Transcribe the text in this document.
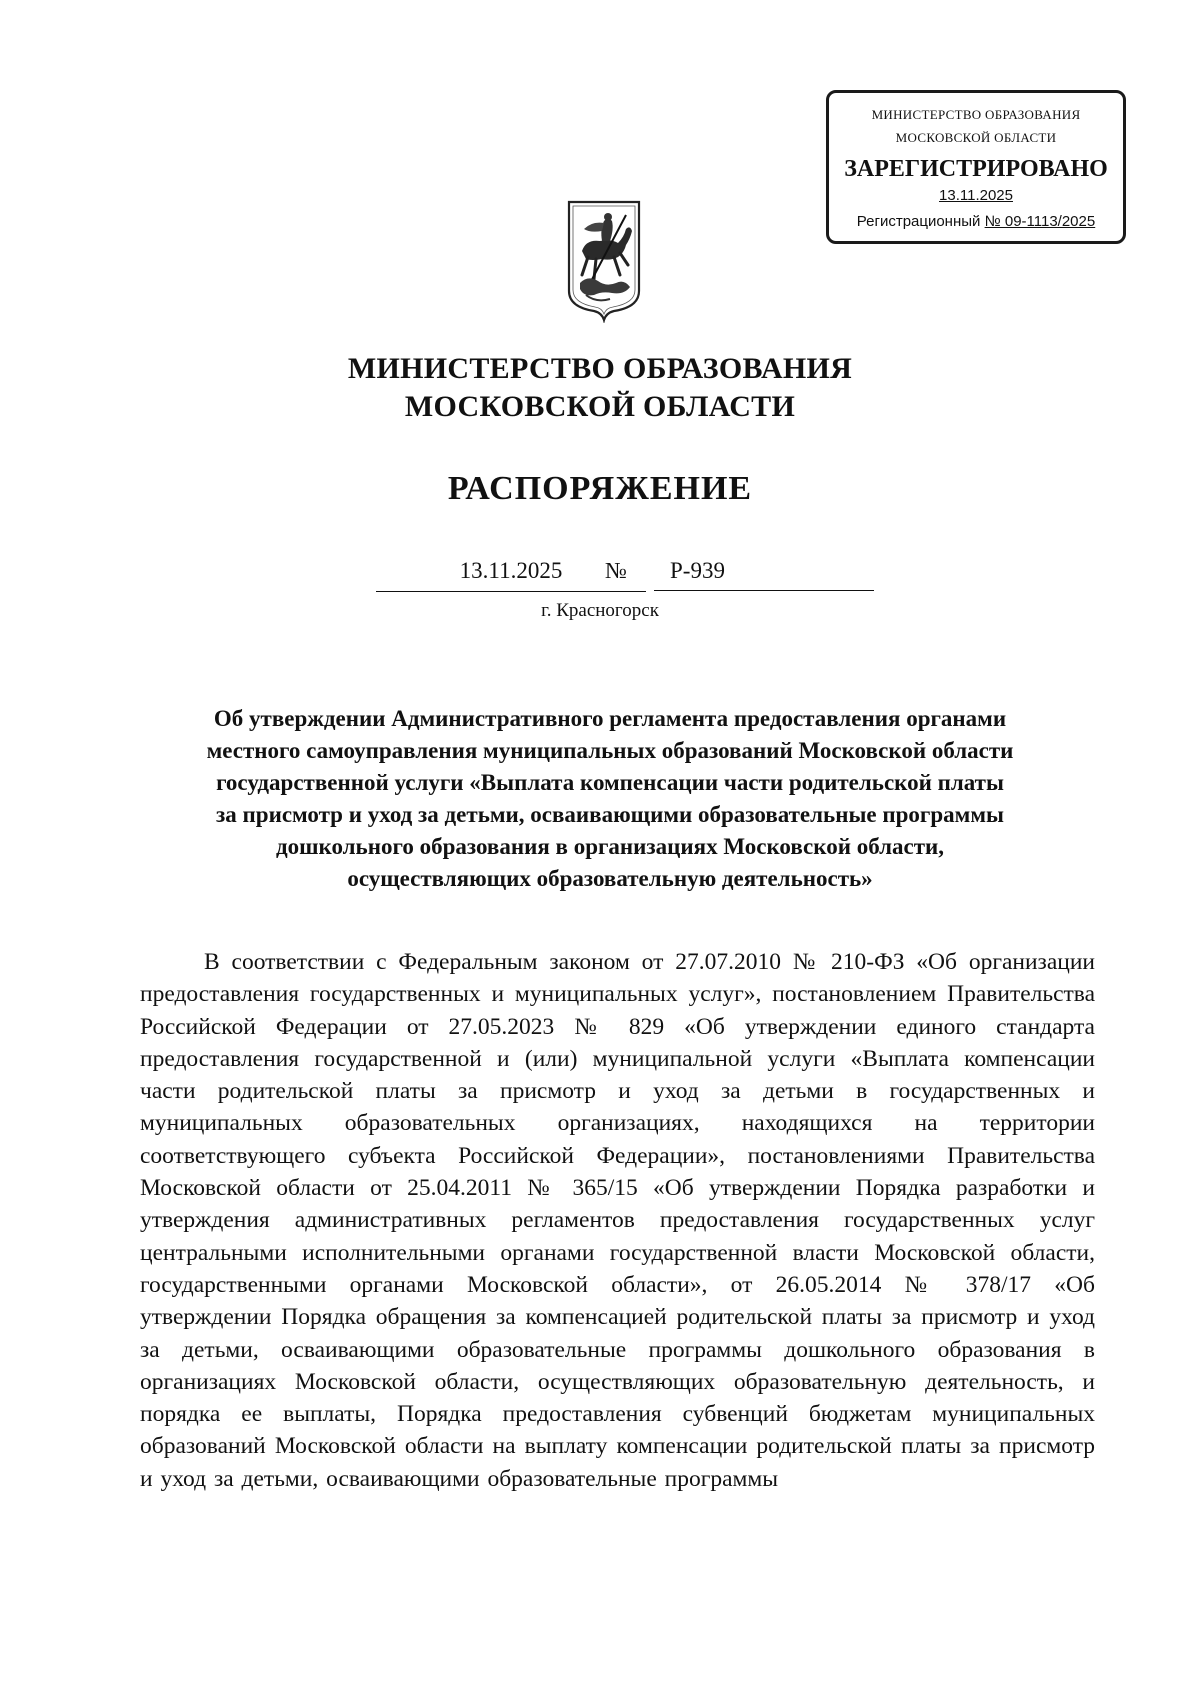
МИНИСТЕРСТВО ОБРАЗОВАНИЯ
МОСКОВСКОЙ ОБЛАСТИ
ЗАРЕГИСТРИРОВАНО
13.11.2025
Регистрационный № 09-1113/2025
МИНИСТЕРСТВО ОБРАЗОВАНИЯ
МОСКОВСКОЙ ОБЛАСТИ
РАСПОРЯЖЕНИЕ
13.11.2025	№	Р-939
г. Красногорск
Об утверждении Административного регламента предоставления органами
местного самоуправления муниципальных образований Московской области
государственной услуги «Выплата компенсации части родительской платы
за присмотр и уход за детьми, осваивающими образовательные программы
дошкольного образования в организациях Московской области,
осуществляющих образовательную деятельность»
В соответствии с Федеральным законом от 27.07.2010 № 210-ФЗ «Об организации предоставления государственных и муниципальных услуг», постановлением Правительства Российской Федерации от 27.05.2023 № 829 «Об утверждении единого стандарта предоставления государственной и (или) муниципальной услуги «Выплата компенсации части родительской платы за присмотр и уход за детьми в государственных и муниципальных образовательных организациях, находящихся на территории соответствующего субъекта Российской Федерации», постановлениями Правительства Московской области от 25.04.2011 № 365/15 «Об утверждении Порядка разработки и утверждения административных регламентов предоставления государственных услуг центральными исполнительными органами государственной власти Московской области, государственными органами Московской области», от 26.05.2014 № 378/17 «Об утверждении Порядка обращения за компенсацией родительской платы за присмотр и уход за детьми, осваивающими образовательные программы дошкольного образования в организациях Московской области, осуществляющих образовательную деятельность, и порядка ее выплаты, Порядка предоставления субвенций бюджетам муниципальных образований Московской области на выплату компенсации родительской платы за присмотр и уход за детьми, осваивающими образовательные программы
